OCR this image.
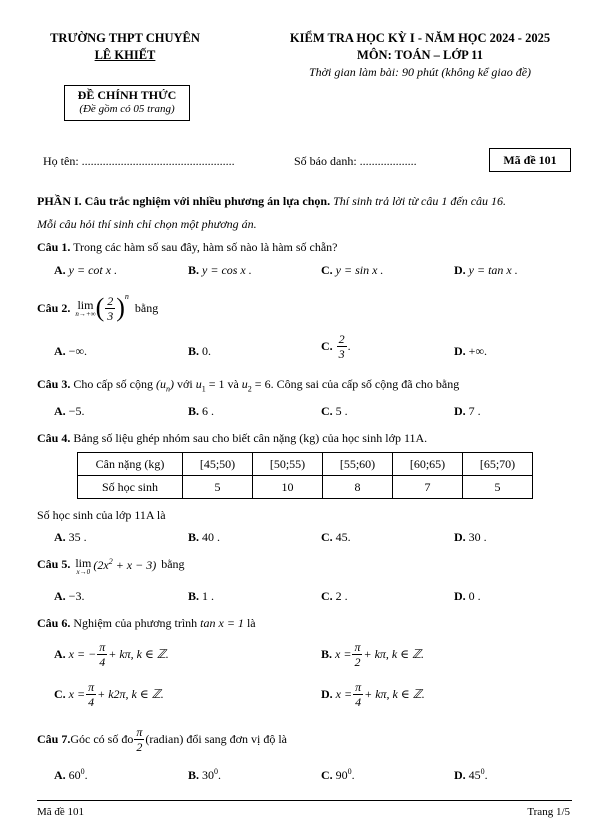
TRƯỜNG THPT CHUYÊN
LÊ KHIẾT
KIỂM TRA HỌC KỲ I - NĂM HỌC 2024 - 2025
MÔN: TOÁN – LỚP 11
Thời gian làm bài: 90 phút (không kể giao đề)
ĐỀ CHÍNH THỨC
(Đề gồm có 05 trang)
Họ tên: ...................................................	Số báo danh: ...................	Mã đề 101
PHẦN I. Câu trắc nghiệm với nhiều phương án lựa chọn. Thí sinh trả lời từ câu 1 đến câu 16.
Mỗi câu hỏi thí sinh chỉ chọn một phương án.
Câu 1. Trong các hàm số sau đây, hàm số nào là hàm số chẵn?
A. y = cot x .	B. y = cos x .	C. y = sin x .	D. y = tan x .
Câu 2. lim
n→+∞ ( $\frac{2}{3}$ ) n
bằng
A. −∞.	B. 0.	C.
$\frac{2}{3}$ .	D. +∞.
Câu 3. Cho cấp số cộng $(u_n)$ với $u_1 = 1$ và $u_2 = 6$. Công sai của cấp số cộng đã cho bằng
A. −5.	B. 6 .	C. 5 .	D. 7 .
Câu 4. Bảng số liệu ghép nhóm sau cho biết cân nặng (kg) của học sinh lớp 11A.
Cân nặng (kg)	[45;50)	[50;55)	[55;60)	[60;65)	[65;70)
Số học sinh	5	10	8	7	5
Số học sinh của lớp 11A là
A. 35 .	B. 40 .	C. 45.	D. 30 .
Câu 5. lim
x→0 $(2x^2 + x - 3)$ bằng
A. −3.	B. 1 .	C. 2 .	D. 0 .
Câu 6. Nghiệm của phương trình tan x = 1 là
A.
x = − $\frac{\pi}{4} + k\pi$, k ∈ ℤ.	B.
$x = \frac{\pi}{2} + k\pi$, k ∈ ℤ.
C.
$x = \frac{\pi}{4} + k2\pi$, k ∈ ℤ.	D.
$x = \frac{\pi}{4} + k\pi$, k ∈ ℤ.
Câu 7. Góc có số đo $\frac{\pi}{2}$ (radian) đổi sang đơn vị độ là
A. $60^0$.	B. $30^0$.	C. $90^0$.	D. $45^0$.
Mã đề 101	Trang 1/5
